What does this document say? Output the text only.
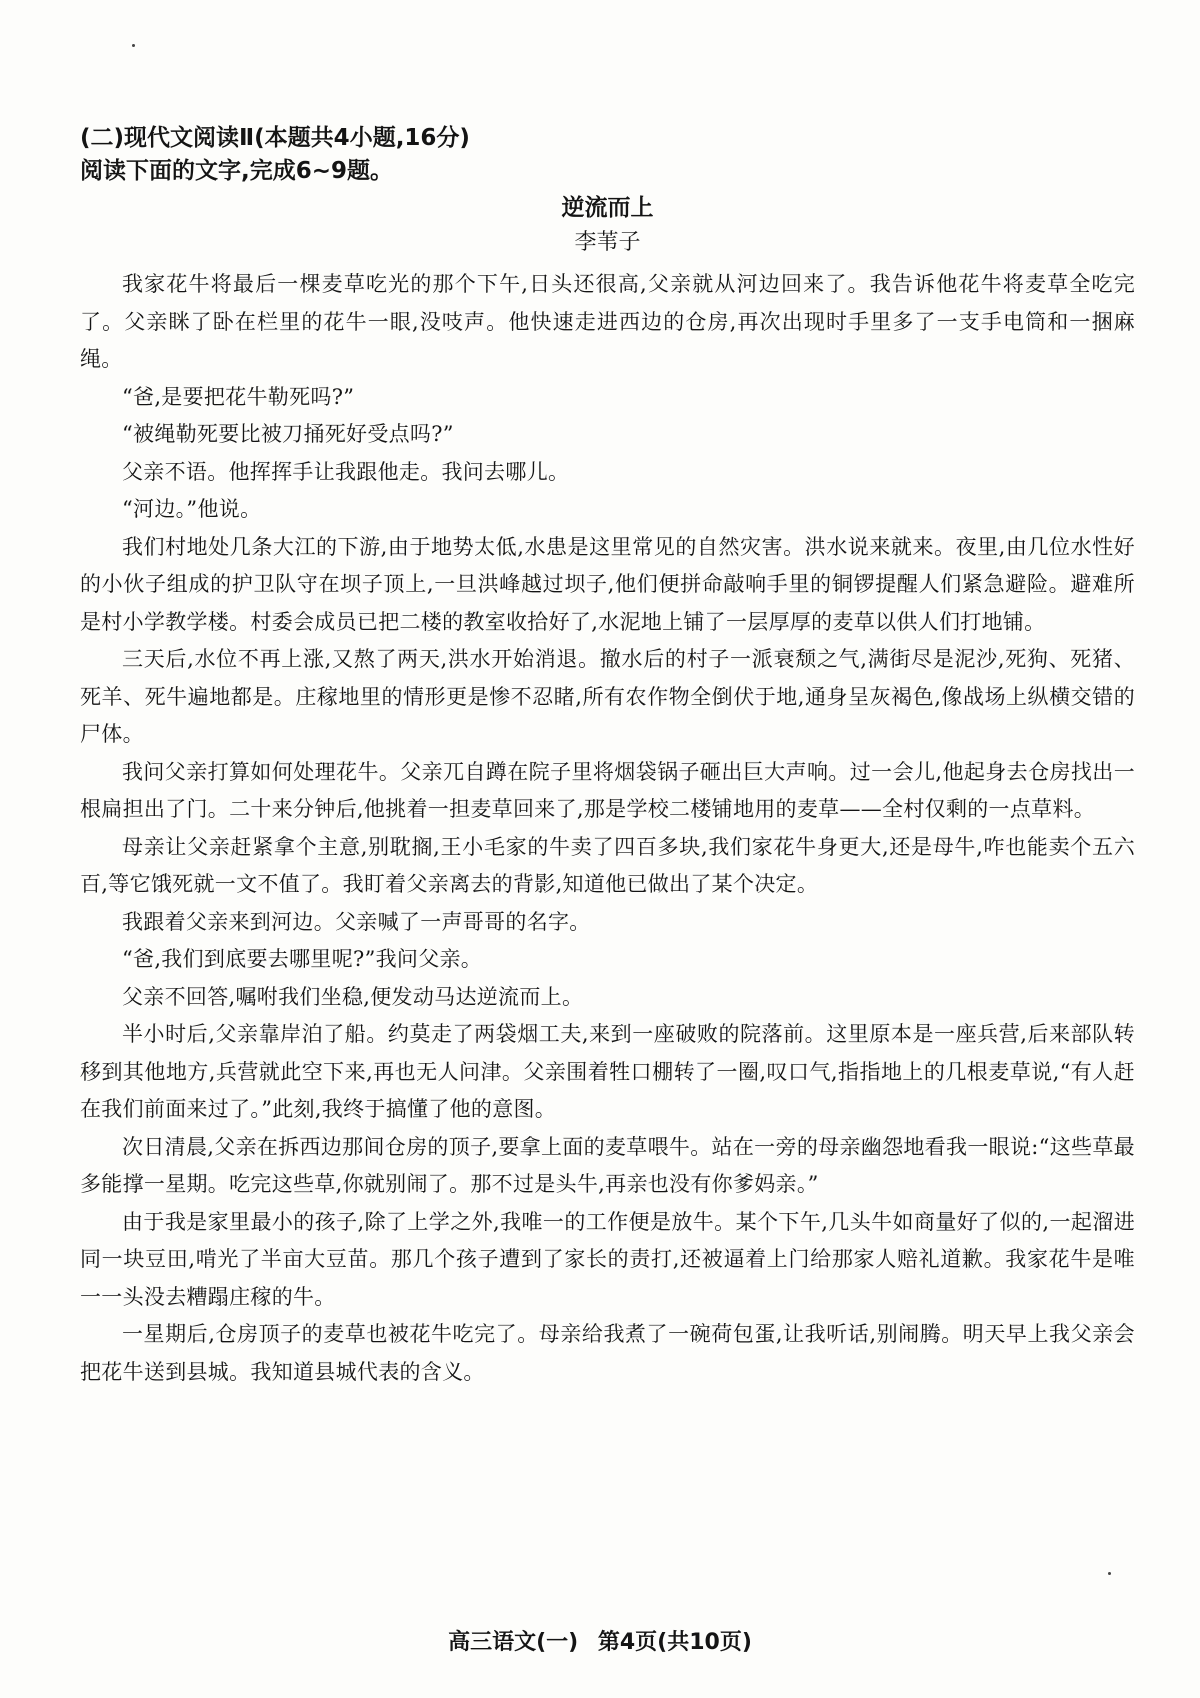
(二)现代文阅读Ⅱ(本题共4小题,16分)

阅读下面的文字,完成6~9题。

逆流而上

李苇子

我家花牛将最后一棵麦草吃光的那个下午,日头还很高,父亲就从河边回来了。我告诉他花牛将麦草全吃完了。父亲眯了卧在栏里的花牛一眼,没吱声。他快速走进西边的仓房,再次出现时手里多了一支手电筒和一捆麻绳。

“爸,是要把花牛勒死吗?”

“被绳勒死要比被刀捅死好受点吗?”

父亲不语。他挥挥手让我跟他走。我问去哪儿。

“河边。”他说。

我们村地处几条大江的下游,由于地势太低,水患是这里常见的自然灾害。洪水说来就来。夜里,由几位水性好的小伙子组成的护卫队守在坝子顶上,一旦洪峰越过坝子,他们便拼命敲响手里的铜锣提醒人们紧急避险。避难所是村小学教学楼。村委会成员已把二楼的教室收拾好了,水泥地上铺了一层厚厚的麦草以供人们打地铺。

三天后,水位不再上涨,又熬了两天,洪水开始消退。撤水后的村子一派衰颓之气,满街尽是泥沙,死狗、死猪、死羊、死牛遍地都是。庄稼地里的情形更是惨不忍睹,所有农作物全倒伏于地,通身呈灰褐色,像战场上纵横交错的尸体。

我问父亲打算如何处理花牛。父亲兀自蹲在院子里将烟袋锅子砸出巨大声响。过一会儿,他起身去仓房找出一根扁担出了门。二十来分钟后,他挑着一担麦草回来了,那是学校二楼铺地用的麦草——全村仅剩的一点草料。

母亲让父亲赶紧拿个主意,别耽搁,王小毛家的牛卖了四百多块,我们家花牛身更大,还是母牛,咋也能卖个五六百,等它饿死就一文不值了。我盯着父亲离去的背影,知道他已做出了某个决定。

我跟着父亲来到河边。父亲喊了一声哥哥的名字。

“爸,我们到底要去哪里呢?”我问父亲。

父亲不回答,嘱咐我们坐稳,便发动马达逆流而上。

半小时后,父亲靠岸泊了船。约莫走了两袋烟工夫,来到一座破败的院落前。这里原本是一座兵营,后来部队转移到其他地方,兵营就此空下来,再也无人问津。父亲围着牲口棚转了一圈,叹口气,指指地上的几根麦草说,“有人赶在我们前面来过了。”此刻,我终于搞懂了他的意图。

次日清晨,父亲在拆西边那间仓房的顶子,要拿上面的麦草喂牛。站在一旁的母亲幽怨地看我一眼说:“这些草最多能撑一星期。吃完这些草,你就别闹了。那不过是头牛,再亲也没有你爹妈亲。”

由于我是家里最小的孩子,除了上学之外,我唯一的工作便是放牛。某个下午,几头牛如商量好了似的,一起溜进同一块豆田,啃光了半亩大豆苗。那几个孩子遭到了家长的责打,还被逼着上门给那家人赔礼道歉。我家花牛是唯一一头没去糟蹋庄稼的牛。

一星期后,仓房顶子的麦草也被花牛吃完了。母亲给我煮了一碗荷包蛋,让我听话,别闹腾。明天早上我父亲会把花牛送到县城。我知道县城代表的含义。

高三语文(一) 第4页(共10页)
